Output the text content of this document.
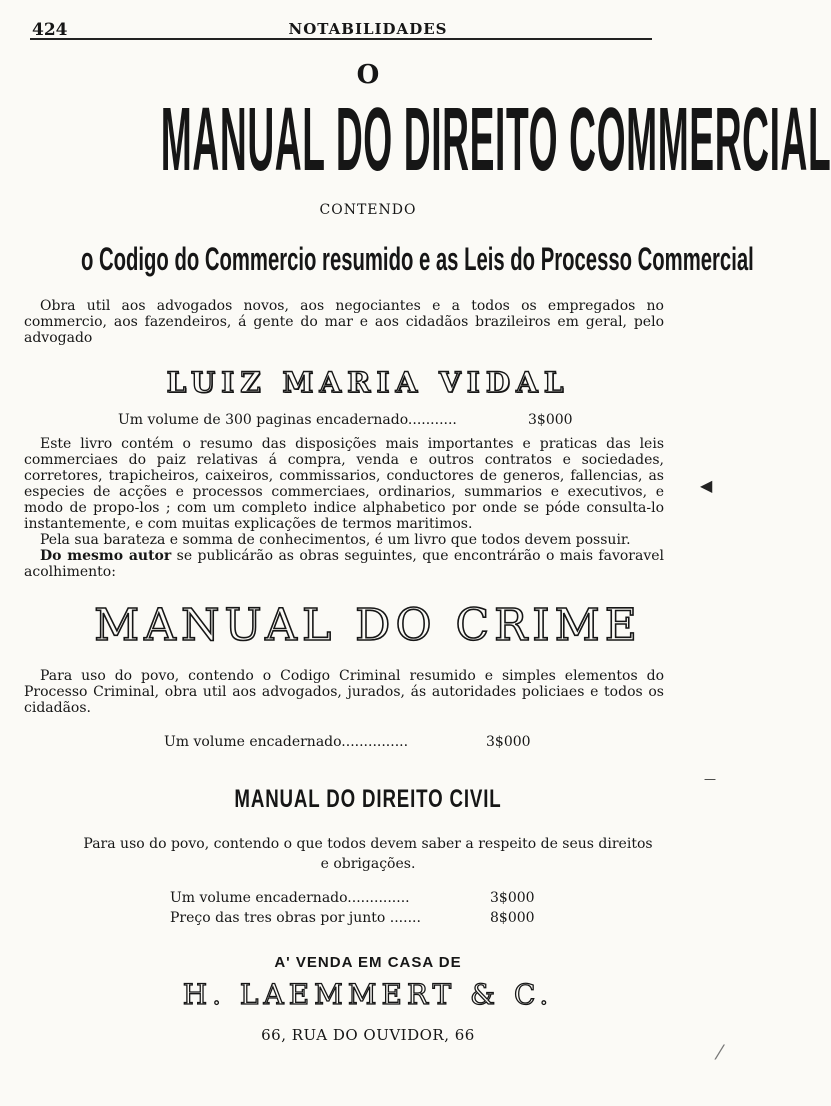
424	NOTABILIDADES
O
MANUAL DO DIREITO COMMERCIAL
CONTENDO
o Codigo do Commercio resumido e as Leis do Processo Commercial

Obra util aos advogados novos, aos negociantes e a todos os empregados no commercio, aos fazendeiros, á gente do mar e aos cidadãos brazileiros em geral, pelo advogado

LUIZ MARIA VIDAL
Um volume de 300 paginas encadernado...........	3$000

Este livro contém o resumo das disposições mais importantes e praticas das leis commerciaes do paiz relativas á compra, venda e outros contratos e sociedades, corretores, trapicheiros, caixeiros, commissarios, conductores de generos, fallencias, as especies de acções e processos commerciaes, ordinarios, summarios e executivos, e modo de propo-los ; com um completo indice alphabetico por onde se póde consulta-lo instantemente, e com muitas explicações de termos maritimos.

Pela sua barateza e somma de conhecimentos, é um livro que todos devem possuir.

Do mesmo autor se publicárão as obras seguintes, que encontrárão o mais favoravel acolhimento:

MANUAL DO CRIME

Para uso do povo, contendo o Codigo Criminal resumido e simples elementos do Processo Criminal, obra util aos advogados, jurados, ás autoridades policiaes e todos os cidadãos.

Um volume encadernado...............	3$000
MANUAL DO DIREITO CIVIL
Para uso do povo, contendo o que todos devem saber a respeito de seus direitos
e obrigações.
Um volume encadernado..............	3$000
Preço das tres obras por junto .......	8$000
A' VENDA EM CASA DE
H. LAEMMERT & C.
66, RUA DO OUVIDOR, 66
◀
—
⁄
